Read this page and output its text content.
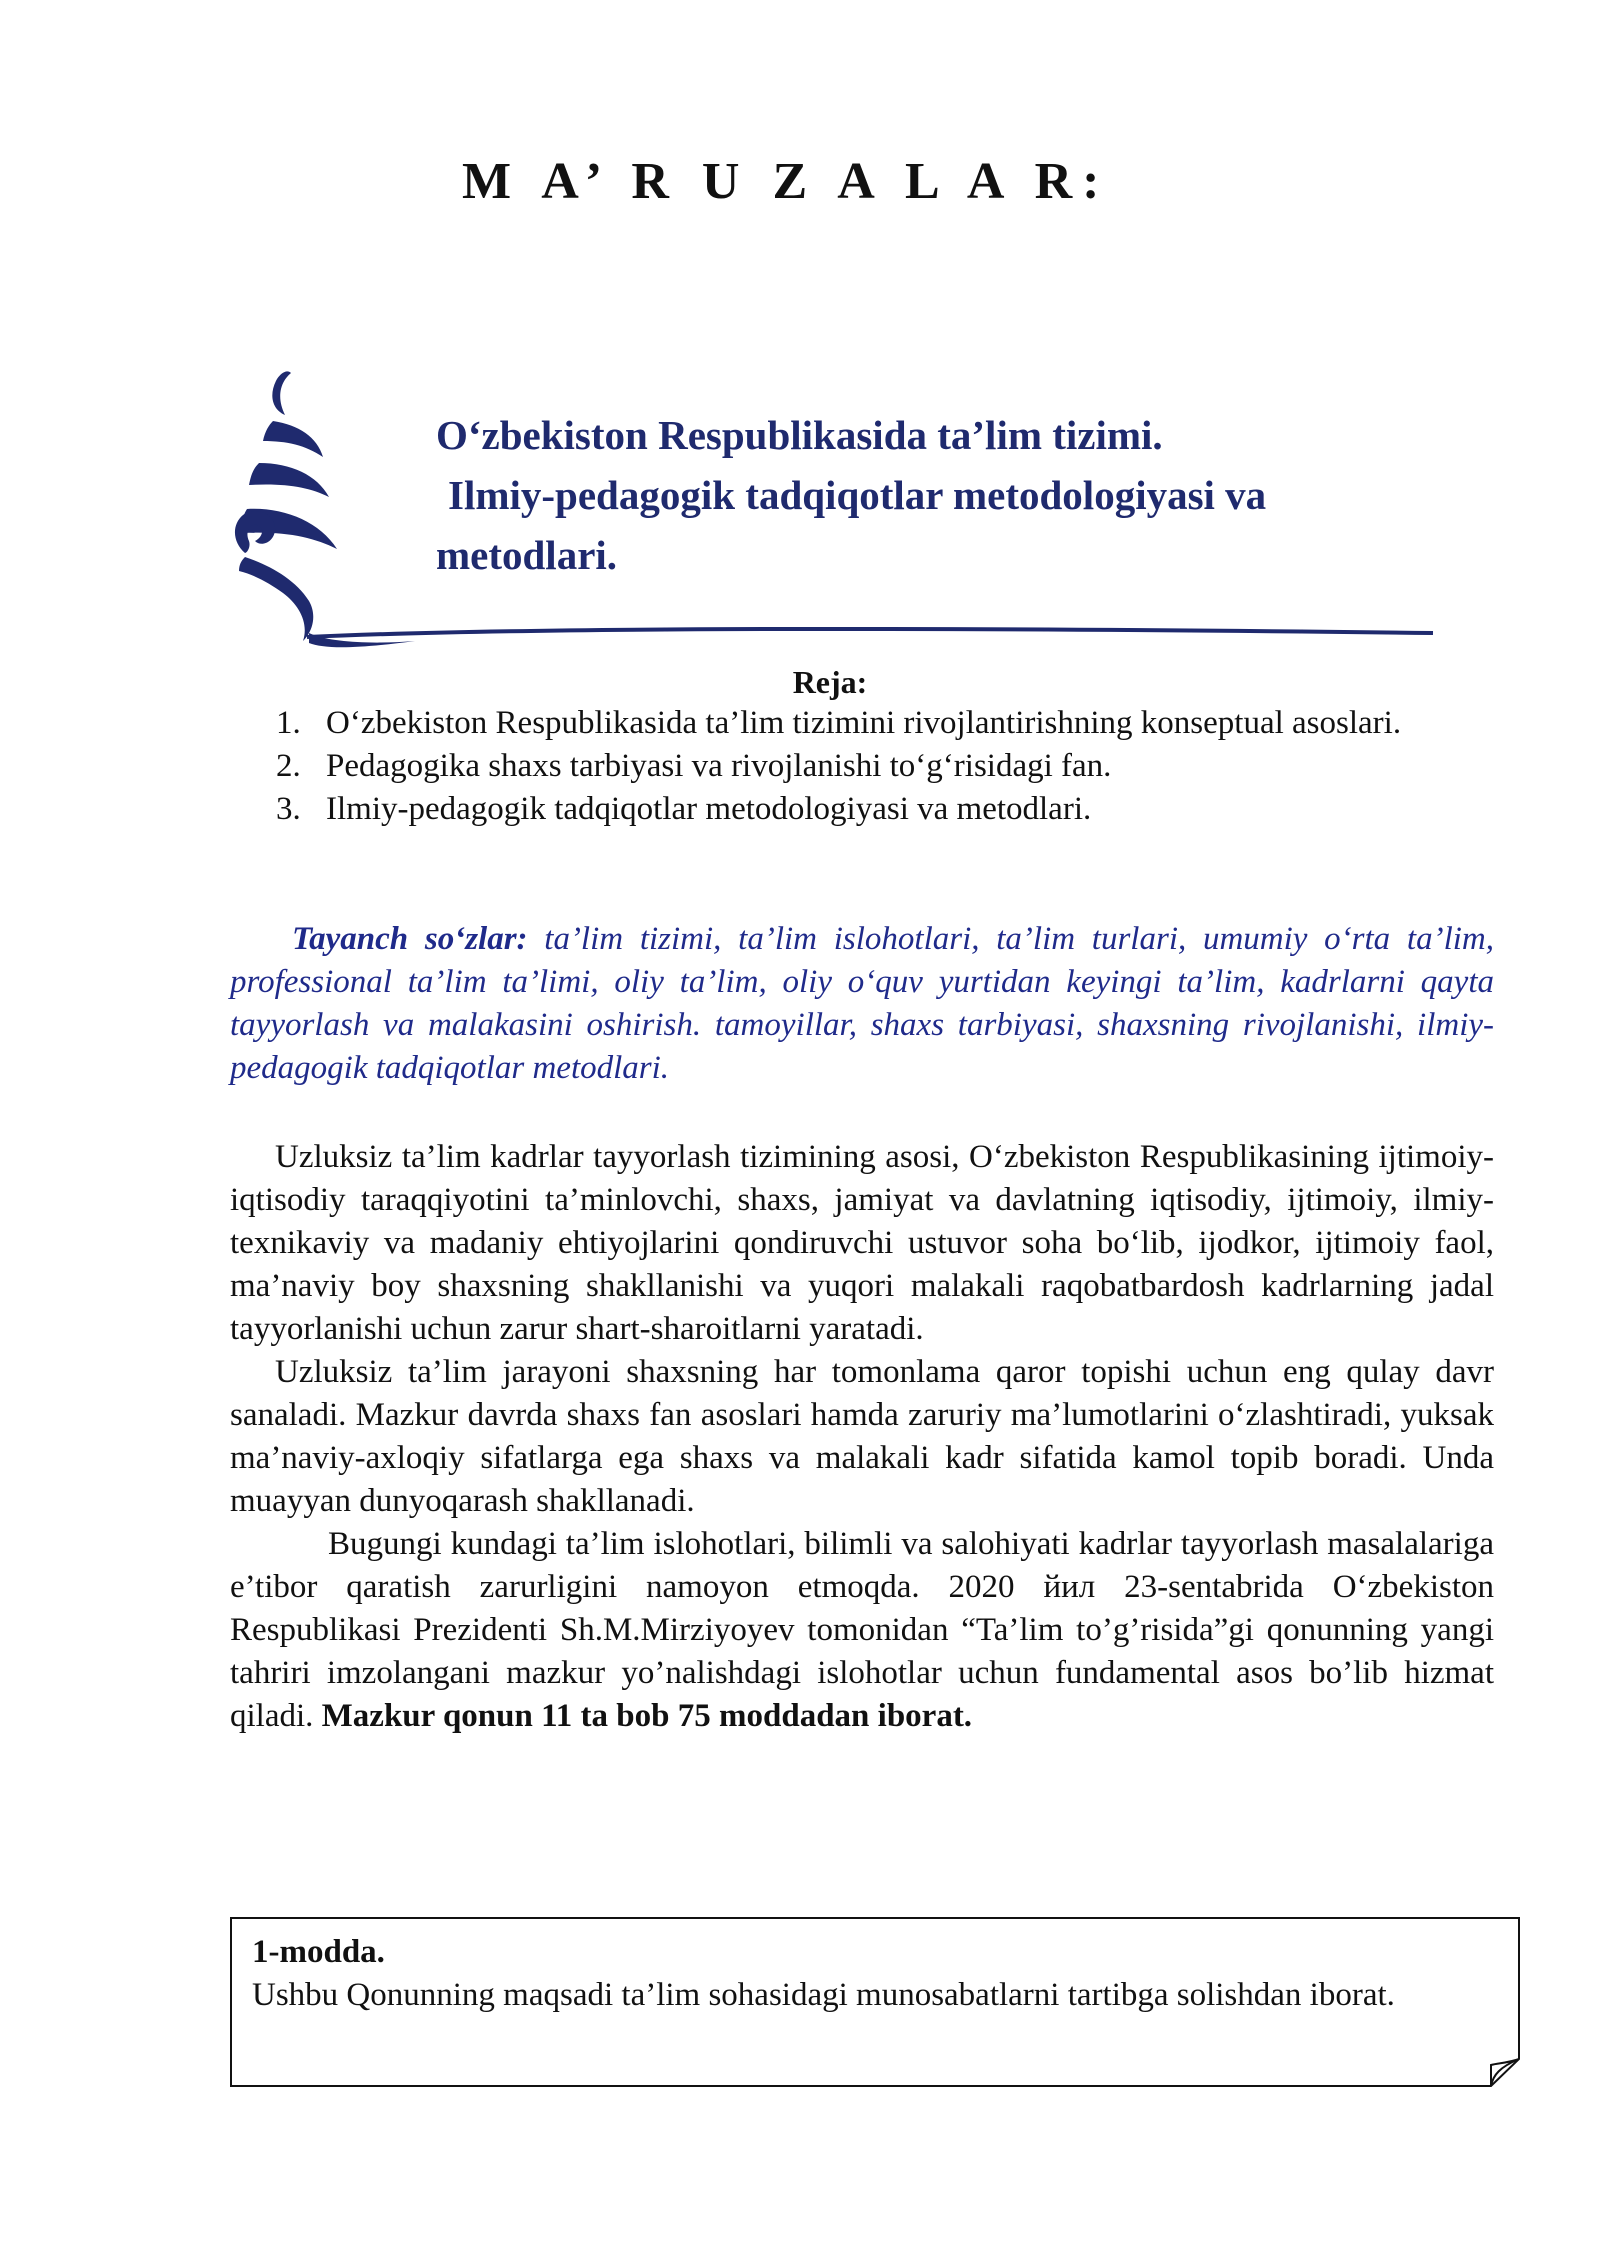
M A’ R U Z A L A R:
O‘zbekiston Respublikasida ta’lim tizimi.
Ilmiy-pedagogik tadqiqotlar metodologiyasi va
metodlari.
Reja:
1. O‘zbekiston Respublikasida ta’lim tizimini rivojlantirishning konseptual asoslari.
2. Pedagogika shaxs tarbiyasi va rivojlanishi to‘g‘risidagi fan.
3. Ilmiy-pedagogik tadqiqotlar metodologiyasi va metodlari.

Tayanch so‘zlar: ta’lim tizimi, ta’lim islohotlari, ta’lim turlari, umumiy o‘rta ta’lim, professional ta’lim ta’limi, oliy ta’lim, oliy o‘quv yurtidan keyingi ta’lim, kadrlarni qayta tayyorlash va malakasini oshirish. tamoyillar, shaxs tarbiyasi, shaxsning rivojlanishi, ilmiy-pedagogik tadqiqotlar metodlari.

Uzluksiz ta’lim kadrlar tayyorlash tizimining asosi, O‘zbekiston Respublikasining ijtimoiy-iqtisodiy taraqqiyotini ta’minlovchi, shaxs, jamiyat va davlatning iqtisodiy, ijtimoiy, ilmiy-texnikaviy va madaniy ehtiyojlarini qondiruvchi ustuvor soha bo‘lib, ijodkor, ijtimoiy faol, ma’naviy boy shaxsning shakllanishi va yuqori malakali raqobatbardosh kadrlarning jadal tayyorlanishi uchun zarur shart-sharoitlarni yaratadi.

Uzluksiz ta’lim jarayoni shaxsning har tomonlama qaror topishi uchun eng qulay davr sanaladi. Mazkur davrda shaxs fan asoslari hamda zaruriy ma’lumotlarini o‘zlashtiradi, yuksak ma’naviy-axloqiy sifatlarga ega shaxs va malakali kadr sifatida kamol topib boradi. Unda muayyan dunyoqarash shakllanadi.

Bugungi kundagi ta’lim islohotlari, bilimli va salohiyati kadrlar tayyorlash masalalariga e’tibor qaratish zarurligini namoyon etmoqda. 2020 йил 23-sentabrida O‘zbekiston Respublikasi Prezidenti Sh.M.Mirziyoyev tomonidan “Ta’lim to’g’risida”gi qonunning yangi tahriri imzolangani mazkur yo’nalishdagi islohotlar uchun fundamental asos bo’lib hizmat qiladi. Mazkur qonun 11 ta bob 75 moddadan iborat.

1-modda.
Ushbu Qonunning maqsadi ta’lim sohasidagi munosabatlarni tartibga solishdan iborat.
